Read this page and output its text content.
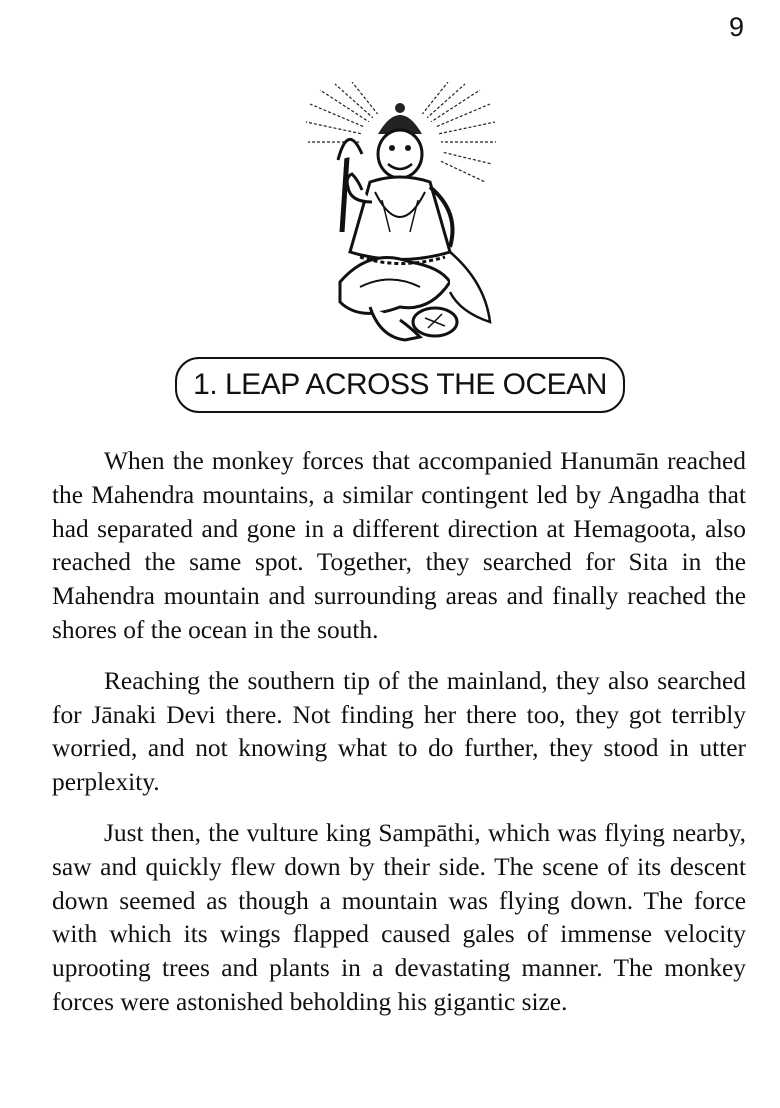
9
1. LEAP ACROSS THE OCEAN

When the monkey forces that accompanied Hanumān reached the Mahendra mountains, a similar contingent led by Angadha that had separated and gone in a different direction at Hemagoota, also reached the same spot. Together, they searched for Sita in the Mahendra mountain and surrounding areas and finally reached the shores of the ocean in the south.

Reaching the southern tip of the mainland, they also searched for Jānaki Devi there. Not finding her there too, they got terribly worried, and not knowing what to do further, they stood in utter perplexity.

Just then, the vulture king Sampāthi, which was flying nearby, saw and quickly flew down by their side. The scene of its descent down seemed as though a mountain was flying down. The force with which its wings flapped caused gales of immense velocity uprooting trees and plants in a devastating manner. The monkey forces were astonished beholding his gigantic size.
